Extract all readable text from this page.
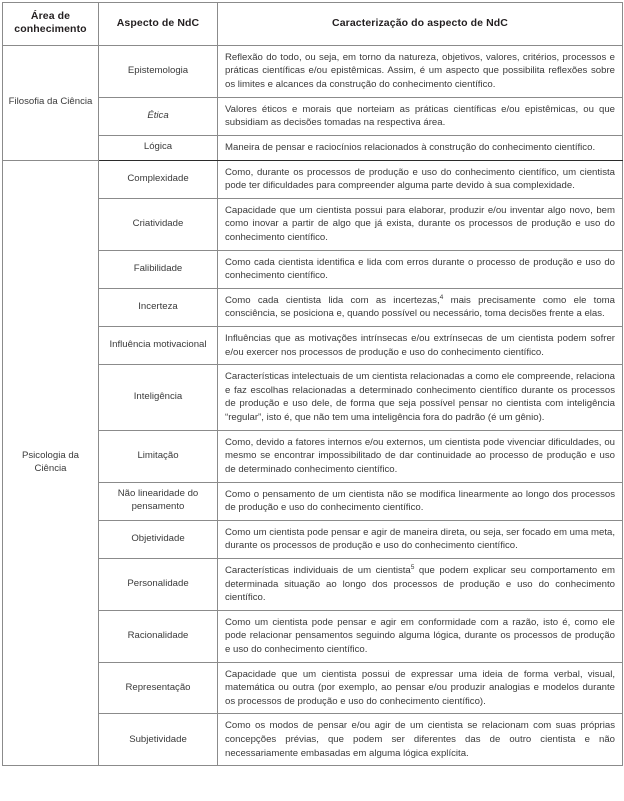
Área de conhecimento	Aspecto de NdC	Caracterização do aspecto de NdC
Filosofia da Ciência	Epistemologia	Reflexão do todo, ou seja, em torno da natureza, objetivos, valores, critérios, processos e práticas científicas e/ou epistêmicas. Assim, é um aspecto que possibilita reflexões sobre os limites e alcances da construção do conhecimento científico.
	Ética	Valores éticos e morais que norteiam as práticas científicas e/ou epistêmicas, ou que subsidiam as decisões tomadas na respectiva área.
	Lógica	Maneira de pensar e raciocínios relacionados à construção do conhecimento científico.
Psicologia da Ciência	Complexidade	Como, durante os processos de produção e uso do conhecimento científico, um cientista pode ter dificuldades para compreender alguma parte devido à sua complexidade.
	Criatividade	Capacidade que um cientista possui para elaborar, produzir e/ou inventar algo novo, bem como inovar a partir de algo que já exista, durante os processos de produção e uso do conhecimento científico.
	Falibilidade	Como cada cientista identifica e lida com erros durante o processo de produção e uso do conhecimento científico.
	Incerteza	Como cada cientista lida com as incertezas,$^4$ mais precisamente como ele toma consciência, se posiciona e, quando possível ou necessário, toma decisões frente a elas.
	Influência motivacional	Influências que as motivações intrínsecas e/ou extrínsecas de um cientista podem sofrer e/ou exercer nos processos de produção e uso do conhecimento científico.
	Inteligência	Características intelectuais de um cientista relacionadas a como ele compreende, relaciona e faz escolhas relacionadas a determinado conhecimento científico durante os processos de produção e uso dele, de forma que seja possível pensar no cientista com inteligência “regular”, isto é, que não tem uma inteligência fora do padrão (é um gênio).
	Limitação	Como, devido a fatores internos e/ou externos, um cientista pode vivenciar dificuldades, ou mesmo se encontrar impossibilitado de dar continuidade ao processo de produção e uso de determinado conhecimento científico.
	Não linearidade do pensamento	Como o pensamento de um cientista não se modifica linearmente ao longo dos processos de produção e uso do conhecimento científico.
	Objetividade	Como um cientista pode pensar e agir de maneira direta, ou seja, ser focado em uma meta, durante os processos de produção e uso do conhecimento científico.
	Personalidade	Características individuais de um cientista$^5$ que podem explicar seu comportamento em determinada situação ao longo dos processos de produção e uso do conhecimento científico.
	Racionalidade	Como um cientista pode pensar e agir em conformidade com a razão, isto é, como ele pode relacionar pensamentos seguindo alguma lógica, durante os processos de produção e uso do conhecimento científico.
	Representação	Capacidade que um cientista possui de expressar uma ideia de forma verbal, visual, matemática ou outra (por exemplo, ao pensar e/ou produzir analogias e modelos durante os processos de produção e uso do conhecimento científico).
	Subjetividade	Como os modos de pensar e/ou agir de um cientista se relacionam com suas próprias concepções prévias, que podem ser diferentes das de outro cientista e não necessariamente embasadas em alguma lógica explícita.
